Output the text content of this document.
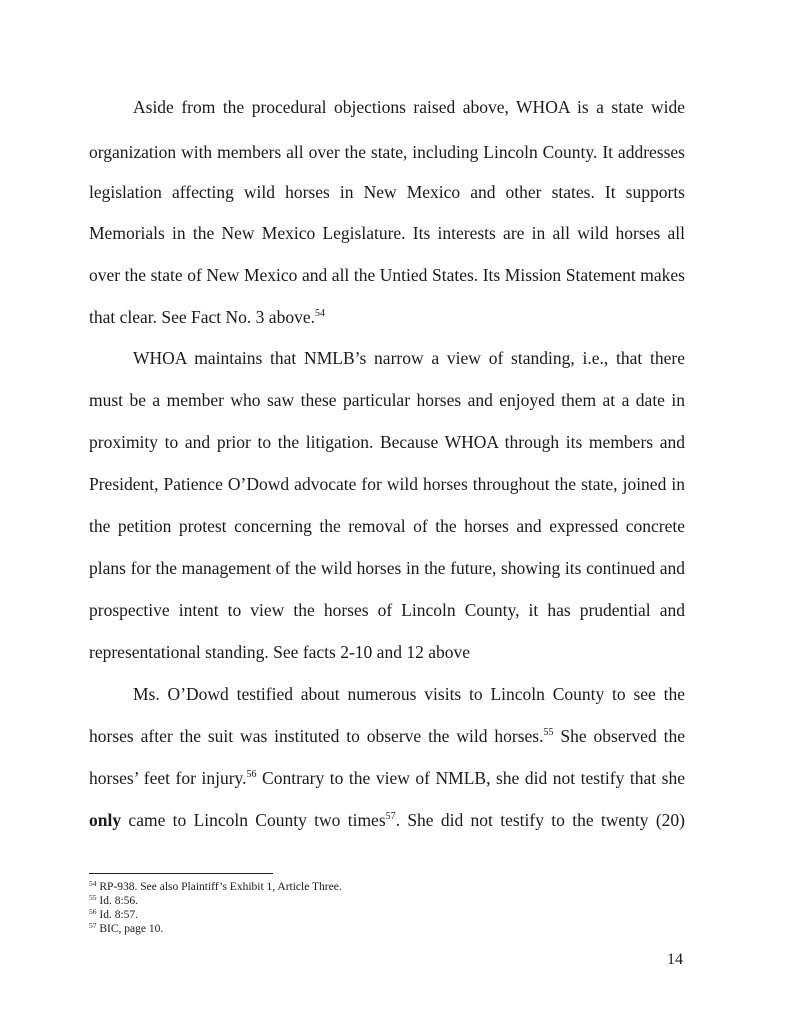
Aside from the procedural objections raised above, WHOA is a state wide
organization with members all over the state, including Lincoln County. It addresses
legislation affecting wild horses in New Mexico and other states. It supports
Memorials in the New Mexico Legislature. Its interests are in all wild horses all
over the state of New Mexico and all the Untied States. Its Mission Statement makes
that clear. See Fact No. 3 above.$^{54}$
WHOA maintains that NMLB’s narrow a view of standing, i.e., that there
must be a member who saw these particular horses and enjoyed them at a date in
proximity to and prior to the litigation. Because WHOA through its members and
President, Patience O’Dowd advocate for wild horses throughout the state, joined in
the petition protest concerning the removal of the horses and expressed concrete
plans for the management of the wild horses in the future, showing its continued and
prospective intent to view the horses of Lincoln County, it has prudential and
representational standing. See facts 2-10 and 12 above
Ms. O’Dowd testified about numerous visits to Lincoln County to see the
horses after the suit was instituted to observe the wild horses.$^{55}$ She observed the
horses’ feet for injury.$^{56}$ Contrary to the view of NMLB, she did not testify that she
only came to Lincoln County two times$^{57}$. She did not testify to the twenty (20)
$^{54}$ RP-938. See also Plaintiff’s Exhibit 1, Article Three.
$^{55}$ Id. 8:56.
$^{56}$ Id. 8:57.
$^{57}$ BIC, page 10.
14
